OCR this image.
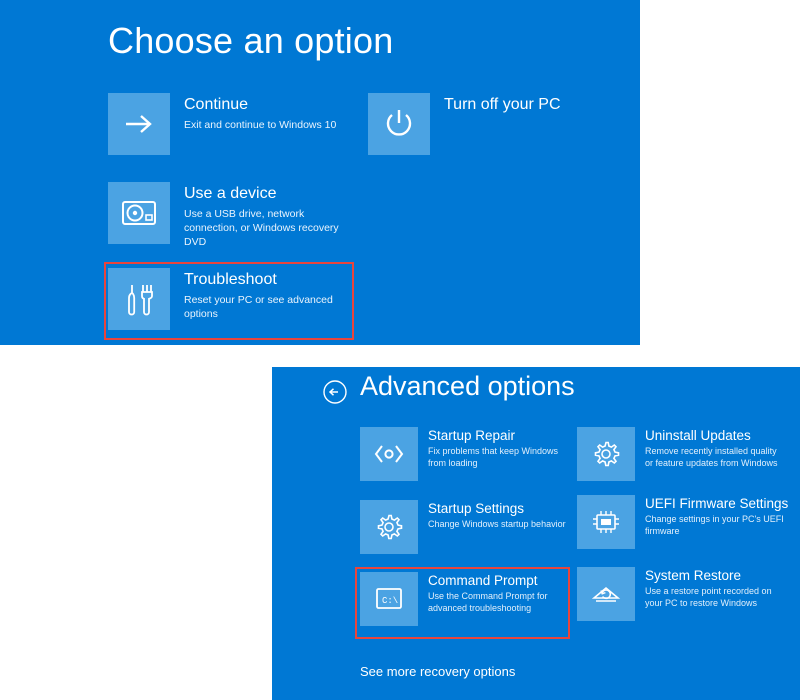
Choose an option
Continue
Exit and continue to Windows 10
Turn off your PC
Use a device
Use a USB drive, network connection, or Windows recovery DVD
Troubleshoot
Reset your PC or see advanced options
Advanced options
Startup Repair
Fix problems that keep Windows from loading
Uninstall Updates
Remove recently installed quality or feature updates from Windows
Startup Settings
Change Windows startup behavior
UEFI Firmware Settings
Change settings in your PC's UEFI firmware
C:\
Command Prompt
Use the Command Prompt for advanced troubleshooting
System Restore
Use a restore point recorded on your PC to restore Windows
See more recovery options
